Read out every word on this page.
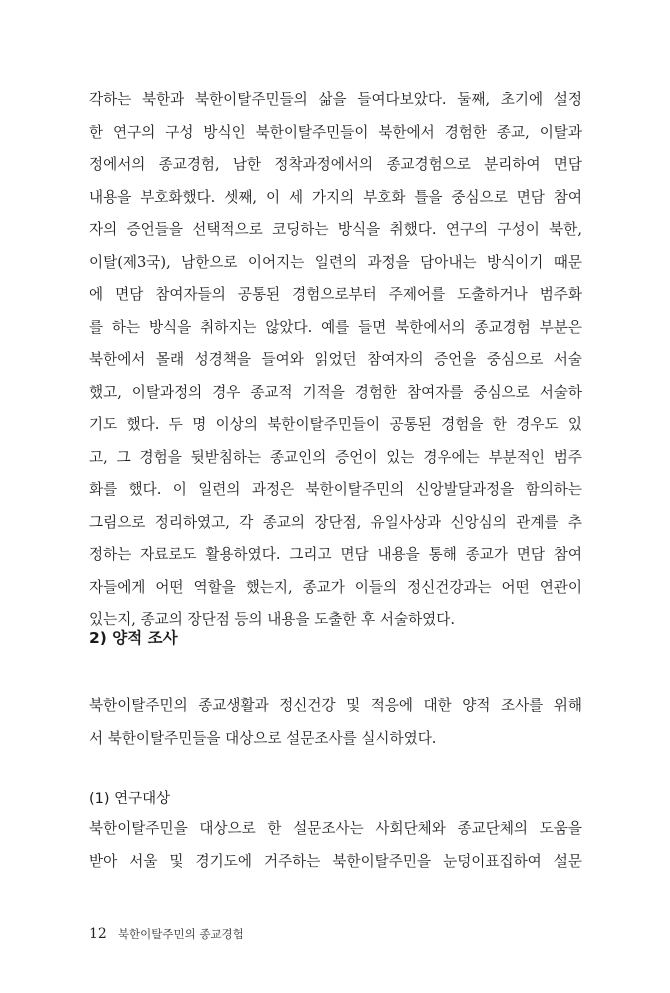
각하는 북한과 북한이탈주민들의 삶을 들여다보았다. 둘째, 초기에 설정
한 연구의 구성 방식인 북한이탈주민들이 북한에서 경험한 종교, 이탈과
정에서의 종교경험, 남한 정착과정에서의 종교경험으로 분리하여 면담
내용을 부호화했다. 셋째, 이 세 가지의 부호화 틀을 중심으로 면담 참여
자의 증언들을 선택적으로 코딩하는 방식을 취했다. 연구의 구성이 북한,
이탈(제3국), 남한으로 이어지는 일련의 과정을 담아내는 방식이기 때문
에 면담 참여자들의 공통된 경험으로부터 주제어를 도출하거나 범주화
를 하는 방식을 취하지는 않았다. 예를 들면 북한에서의 종교경험 부분은
북한에서 몰래 성경책을 들여와 읽었던 참여자의 증언을 중심으로 서술
했고, 이탈과정의 경우 종교적 기적을 경험한 참여자를 중심으로 서술하
기도 했다. 두 명 이상의 북한이탈주민들이 공통된 경험을 한 경우도 있
고, 그 경험을 뒷받침하는 종교인의 증언이 있는 경우에는 부분적인 범주
화를 했다. 이 일련의 과정은 북한이탈주민의 신앙발달과정을 함의하는
그림으로 정리하였고, 각 종교의 장단점, 유일사상과 신앙심의 관계를 추
정하는 자료로도 활용하였다. 그리고 면담 내용을 통해 종교가 면담 참여
자들에게 어떤 역할을 했는지, 종교가 이들의 정신건강과는 어떤 연관이
있는지, 종교의 장단점 등의 내용을 도출한 후 서술하였다.
2) 양적 조사
북한이탈주민의 종교생활과 정신건강 및 적응에 대한 양적 조사를 위해
서 북한이탈주민들을 대상으로 설문조사를 실시하였다.
(1) 연구대상
북한이탈주민을 대상으로 한 설문조사는 사회단체와 종교단체의 도움을
받아 서울 및 경기도에 거주하는 북한이탈주민을 눈덩이표집하여 설문
12 북한이탈주민의 종교경험
